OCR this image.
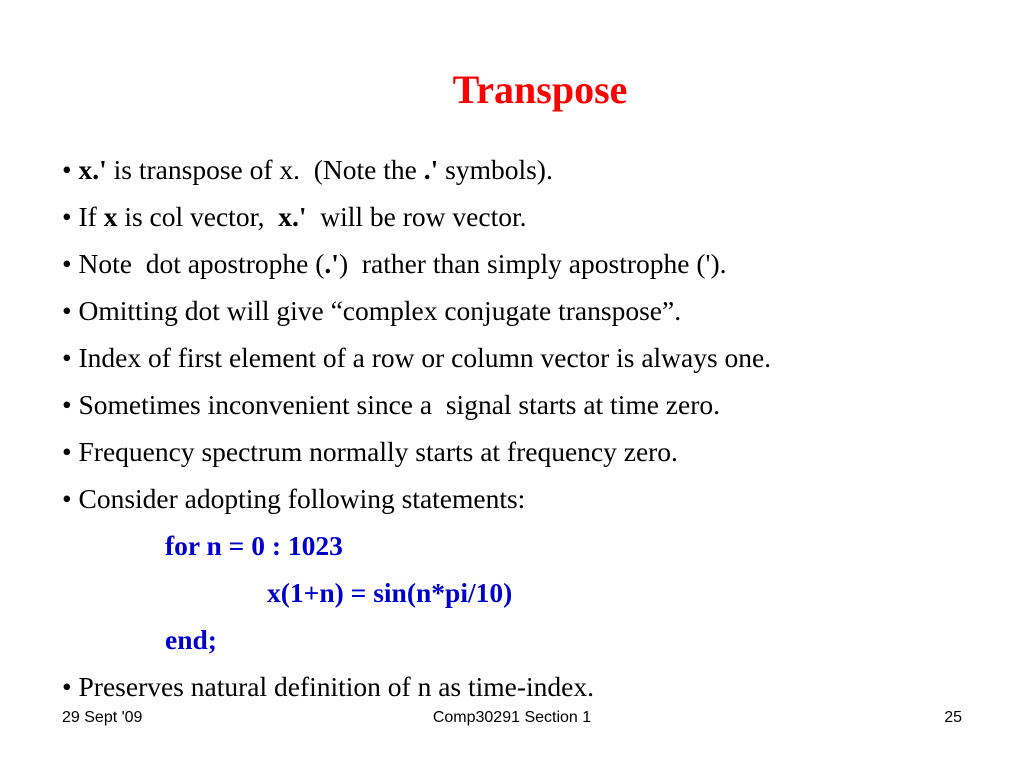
Transpose
• x.' is transpose of x.  (Note the .' symbols).
• If x is col vector,  x.'  will be row vector.
• Note  dot apostrophe (.')  rather than simply apostrophe (').
• Omitting dot will give “complex conjugate transpose”.
• Index of first element of a row or column vector is always one.
• Sometimes inconvenient since a  signal starts at time zero.
• Frequency spectrum normally starts at frequency zero.
• Consider adopting following statements:
for n = 0 : 1023
x(1+n) = sin(n*pi/10)
end;
• Preserves natural definition of n as time-index.
29 Sept '09	Comp30291 Section 1	25
